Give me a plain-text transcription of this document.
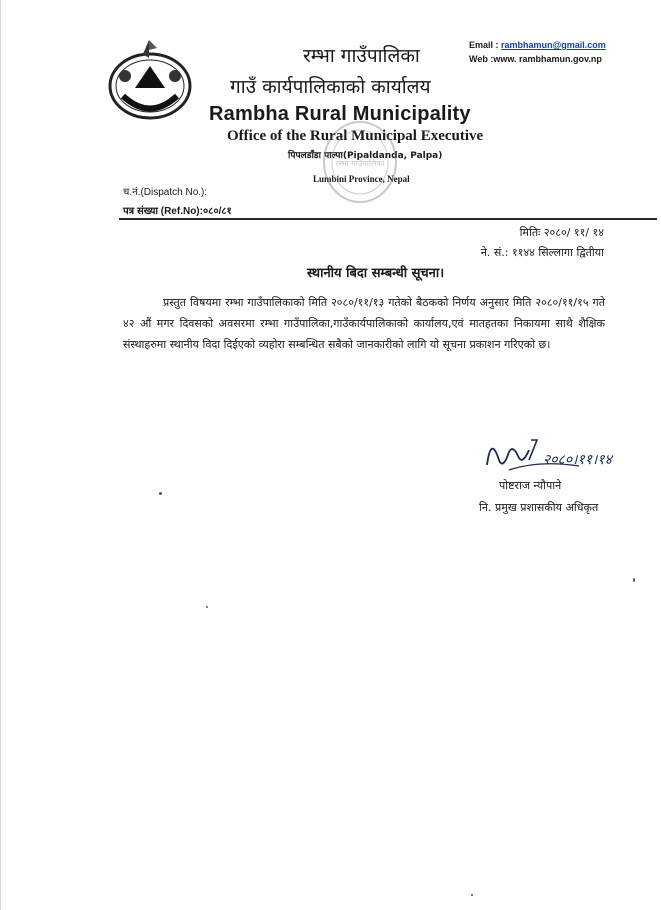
रम्भा गाउँपालिका
गाउँ कार्यपालिकाको कार्यालय
Rambha Rural Municipality
Office of the Rural Municipal Executive
पिपलडाँडा पाल्पा(Pipaldanda, Palpa)
Lumbini Province, Nepal
Email : rambhamun@gmail.com
Web :www. rambhamun.gov.np
रम्भा गाउँपालिका
च.नं.(Dispatch No.):
पत्र संख्या (Ref.No):०८०/८१
मितिः २०८०/ ११/ १४
ने. सं.: ११४४ सिल्लागा द्वितीया
स्थानीय बिदा सम्बन्धी सूचना।
प्रस्तुत विषयमा रम्भा गाउँपालिकाको मिति २०८०/११/१३ गतेको बैठकको निर्णय अनुसार मिति २०८०/११/१५ गते ४२ औं मगर दिवसको अवसरमा रम्भा गाउँपालिका,गाउँकार्यपालिकाको कार्यालय,एवं मातहतका निकायमा साथै शैक्षिक संस्थाहरुमा स्थानीय विदा दिईएको व्यहोरा सम्बन्धित सबैको जानकारीको लागि यो सूचना प्रकाशन गरिएको छ।
२०८०।११।१४
पोष्टराज न्यौपाने
नि. प्रमुख प्रशासकीय अधिकृत
